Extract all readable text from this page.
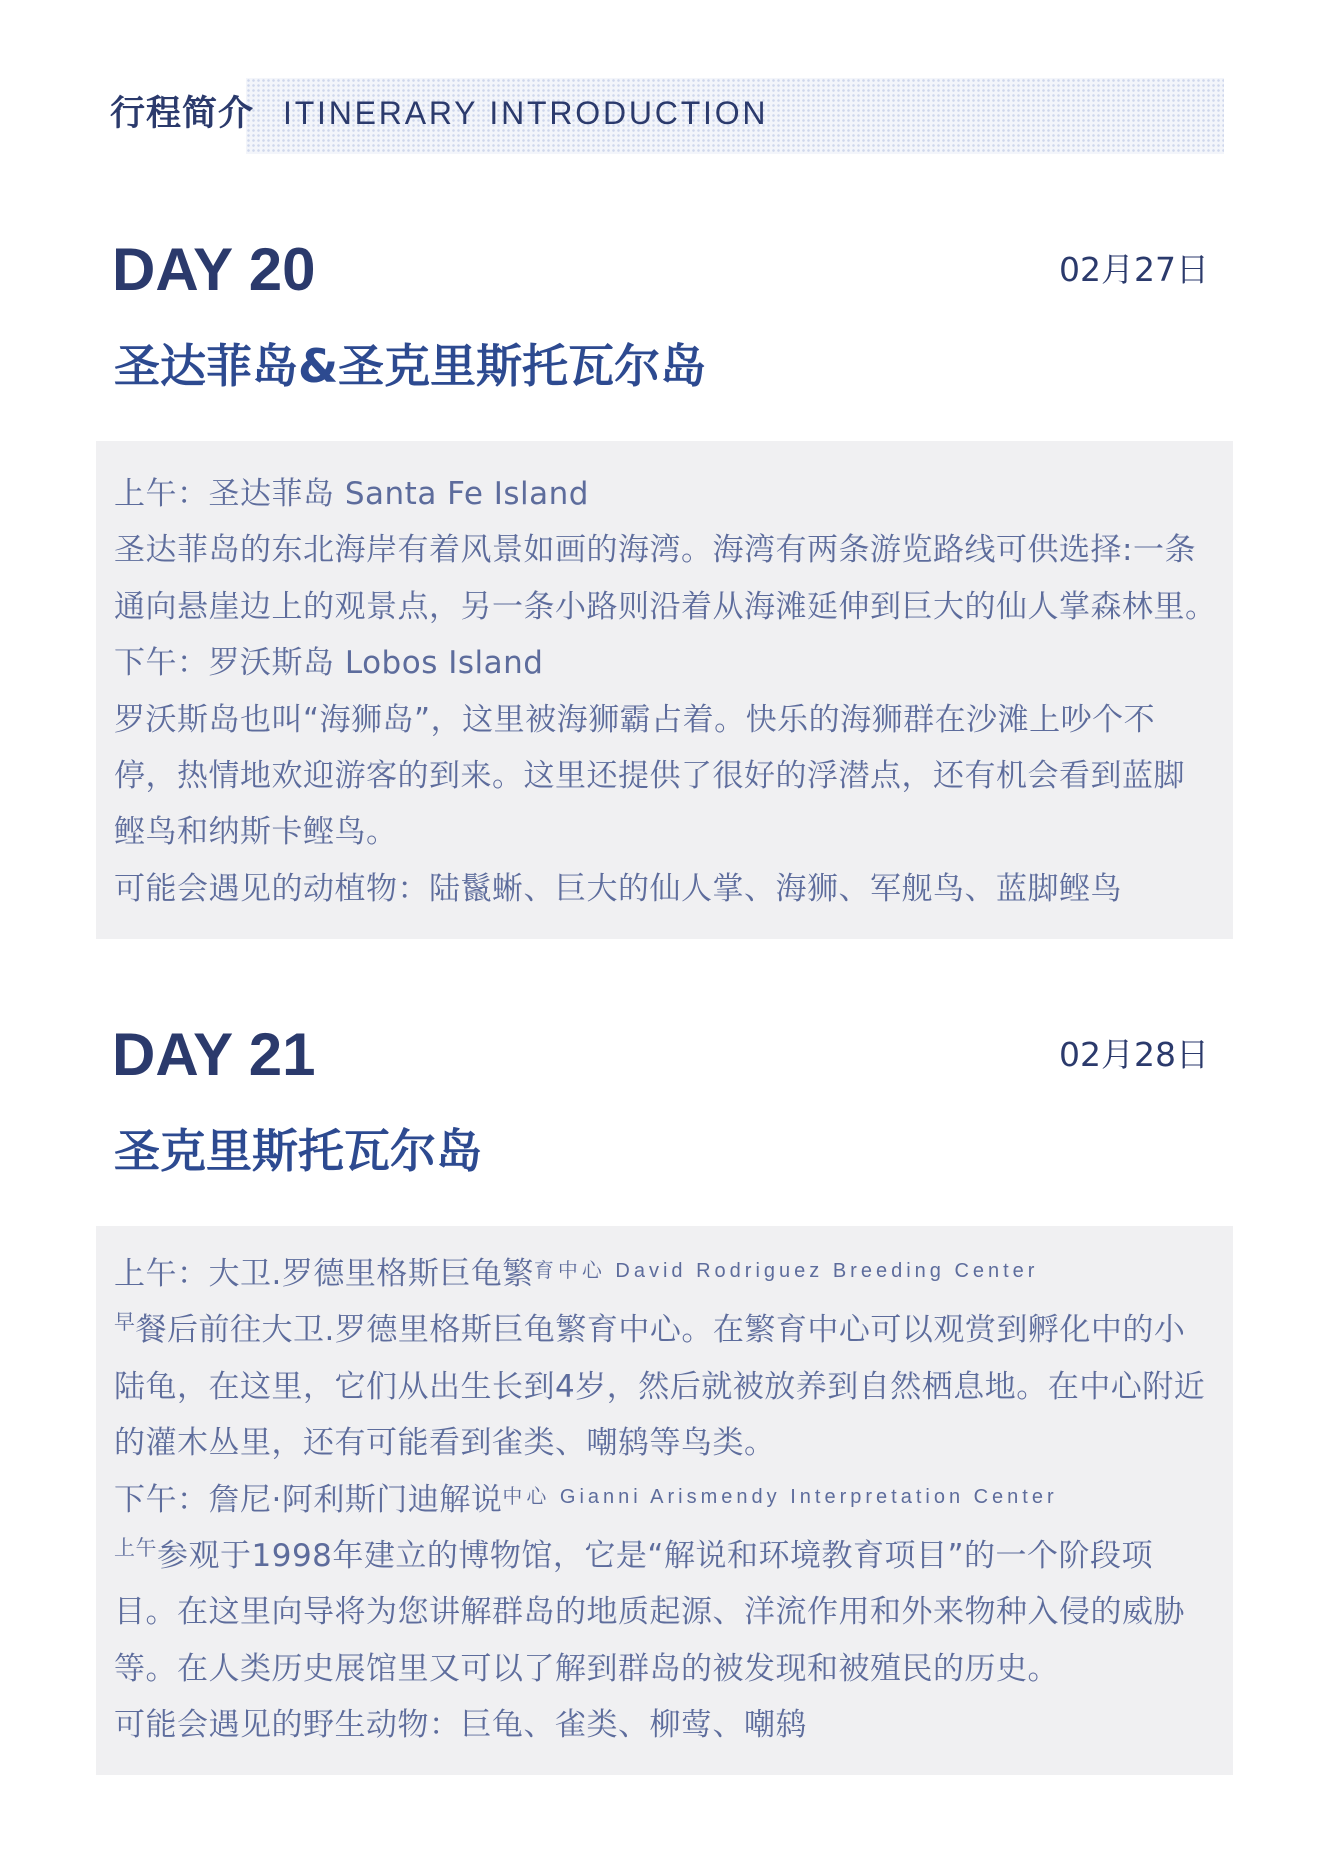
行程简介 ITINERARY INTRODUCTION
DAY 20	02月27日
圣达菲岛&圣克里斯托瓦尔岛
上午：圣达菲岛 Santa Fe Island
圣达菲岛的东北海岸有着风景如画的海湾。海湾有两条游览路线可供选择:一条
通向悬崖边上的观景点，另一条小路则沿着从海滩延伸到巨大的仙人掌森林里。
下午：罗沃斯岛 Lobos Island
罗沃斯岛也叫“海狮岛”，这里被海狮霸占着。快乐的海狮群在沙滩上吵个不
停，热情地欢迎游客的到来。这里还提供了很好的浮潜点，还有机会看到蓝脚
鲣鸟和纳斯卡鲣鸟。
可能会遇见的动植物：陆鬣蜥、巨大的仙人掌、海狮、军舰鸟、蓝脚鲣鸟
DAY 21	02月28日
圣克里斯托瓦尔岛
上午：大卫.罗德里格斯巨龟繁$^{育中心 David Rodriguez Breeding Center}$
$^早$餐后前往大卫.罗德里格斯巨龟繁育中心。在繁育中心可以观赏到孵化中的小
陆龟，在这里，它们从出生长到4岁，然后就被放养到自然栖息地。在中心附近
的灌木丛里，还有可能看到雀类、嘲鸫等鸟类。
下午：詹尼·阿利斯门迪解说$^{中心 Gianni Arismendy Interpretation Center}$
$^{上午}$参观于1998年建立的博物馆，它是“解说和环境教育项目”的一个阶段项
目。在这里向导将为您讲解群岛的地质起源、洋流作用和外来物种入侵的威胁
等。在人类历史展馆里又可以了解到群岛的被发现和被殖民的历史。
可能会遇见的野生动物：巨龟、雀类、柳莺、嘲鸫
